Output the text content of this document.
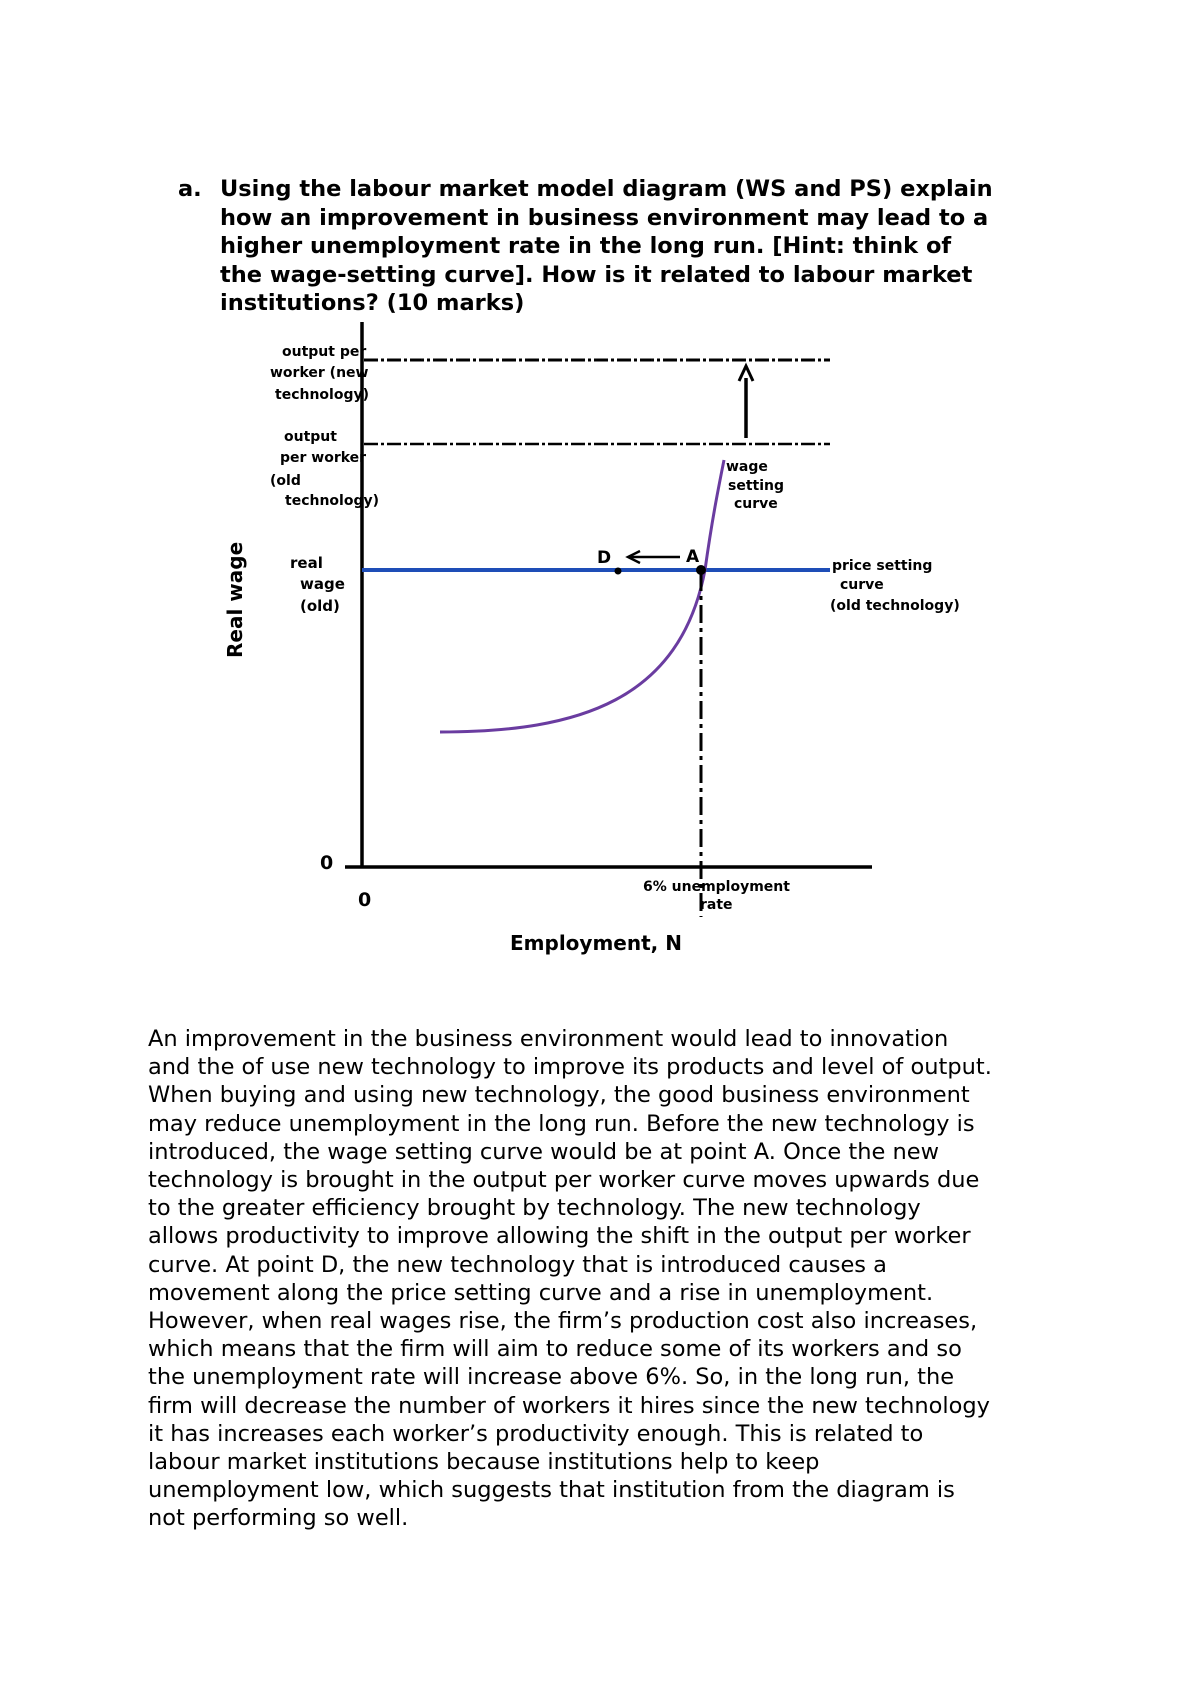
a. Using the labour market model diagram (WS and PS) explain
how an improvement in business environment may lead to a
higher unemployment rate in the long run. [Hint: think of
the wage-setting curve]. How is it related to labour market
institutions? (10 marks)
A
D
0
0
Real wage
Employment, N
output per
worker (new
technology)
output
per worker
(old
technology)
real
wage
(old)
wage
setting
curve
price setting
curve
(old technology)
6% unemployment
rate
An improvement in the business environment would lead to innovation
and the of use new technology to improve its products and level of output.
When buying and using new technology, the good business environment
may reduce unemployment in the long run. Before the new technology is
introduced, the wage setting curve would be at point A. Once the new
technology is brought in the output per worker curve moves upwards due
to the greater efficiency brought by technology. The new technology
allows productivity to improve allowing the shift in the output per worker
curve. At point D, the new technology that is introduced causes a
movement along the price setting curve and a rise in unemployment.
However, when real wages rise, the firm’s production cost also increases,
which means that the firm will aim to reduce some of its workers and so
the unemployment rate will increase above 6%. So, in the long run, the
firm will decrease the number of workers it hires since the new technology
it has increases each worker’s productivity enough. This is related to
labour market institutions because institutions help to keep
unemployment low, which suggests that institution from the diagram is
not performing so well.
